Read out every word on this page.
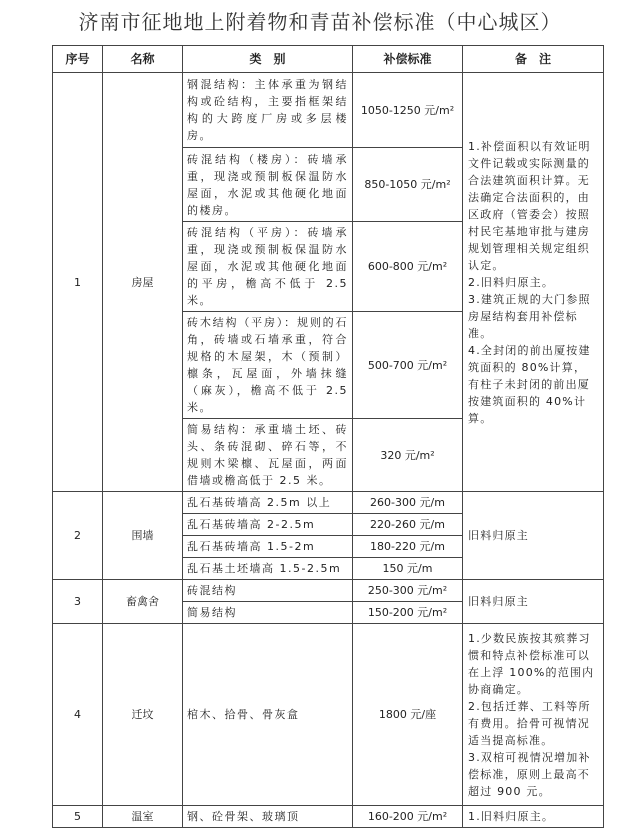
济南市征地地上附着物和青苗补偿标准（中心城区）
序号	名称	类　别	补偿标准	备　注
1	房屋	钢混结构：主体承重为钢结构或砼结构，主要指框架结构的大跨度厂房或多层楼房。	1050-1250 元/m²	1.补偿面积以有效证明文件记载或实际测量的合法建筑面积计算。无法确定合法面积的，由区政府（管委会）按照村民宅基地审批与建房规划管理相关规定组织认定。
2.旧料归原主。
3.建筑正规的大门参照房屋结构套用补偿标准。
4.全封闭的前出厦按建筑面积的 80%计算，有柱子未封闭的前出厦按建筑面积的 40%计算。
		砖混结构（楼房）：砖墙承重，现浇或预制板保温防水屋面，水泥或其他硬化地面的楼房。	850-1050 元/m²	
		砖混结构（平房）：砖墙承重，现浇或预制板保温防水屋面，水泥或其他硬化地面的平房，檐高不低于 2.5 米。	600-800 元/m²	
		砖木结构（平房）：规则的石角，砖墙或石墙承重，符合规格的木屋架，木（预制）檩条，瓦屋面，外墙抹缝（麻灰），檐高不低于 2.5 米。	500-700 元/m²	
		简易结构：承重墙土坯、砖头、条砖混砌、碎石等，不规则木梁檩、瓦屋面，两面借墙或檐高低于 2.5 米。	320 元/m²	
2	围墙	乱石基砖墙高 2.5m 以上	260-300 元/m	旧料归原主
		乱石基砖墙高 2-2.5m	220-260 元/m	
		乱石基砖墙高 1.5-2m	180-220 元/m	
		乱石基土坯墙高 1.5-2.5m	150 元/m	
3	畜禽舍	砖混结构	250-300 元/m²	旧料归原主
		简易结构	150-200 元/m²	
4	迁坟	棺木、拾骨、骨灰盒	1800 元/座	1.少数民族按其殡葬习惯和特点补偿标准可以在上浮 100%的范围内协商确定。
2.包括迁葬、工料等所有费用。拾骨可视情况适当提高标准。
3.双棺可视情况增加补偿标准，原则上最高不超过 900 元。
5	温室	钢、砼骨架、玻璃顶	160-200 元/m²	1.旧料归原主。
